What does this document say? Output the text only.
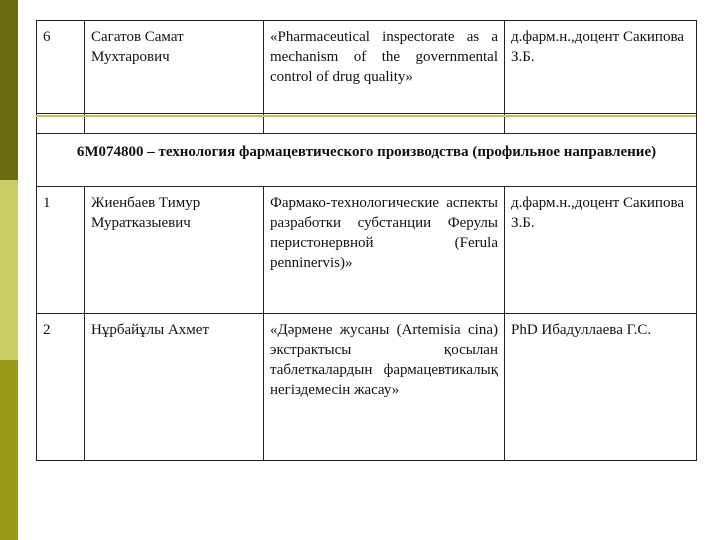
6	Сагатов Самат Мухтарович	«Pharmaceutical inspectorate as a mechanism of the governmental control of drug quality»	д.фарм.н.,доцент Сакипова З.Б.

6М074800 – технология фармацевтического производства (профильное направление)			
1	Жиенбаев Тимур Муратказыевич	Фармако-технологические аспекты разработки субстанции Ферулы перистонервной (Ferula penninervis)»	д.фарм.н.,доцент Сакипова З.Б.
2	Нұрбайұлы Ахмет	«Дәрмене жусаны (Artemisia cina) экстрактысы қосылан таблеткалардын фармацевтикалық негіздемесін жасау»	PhD Ибадуллаева Г.С.
